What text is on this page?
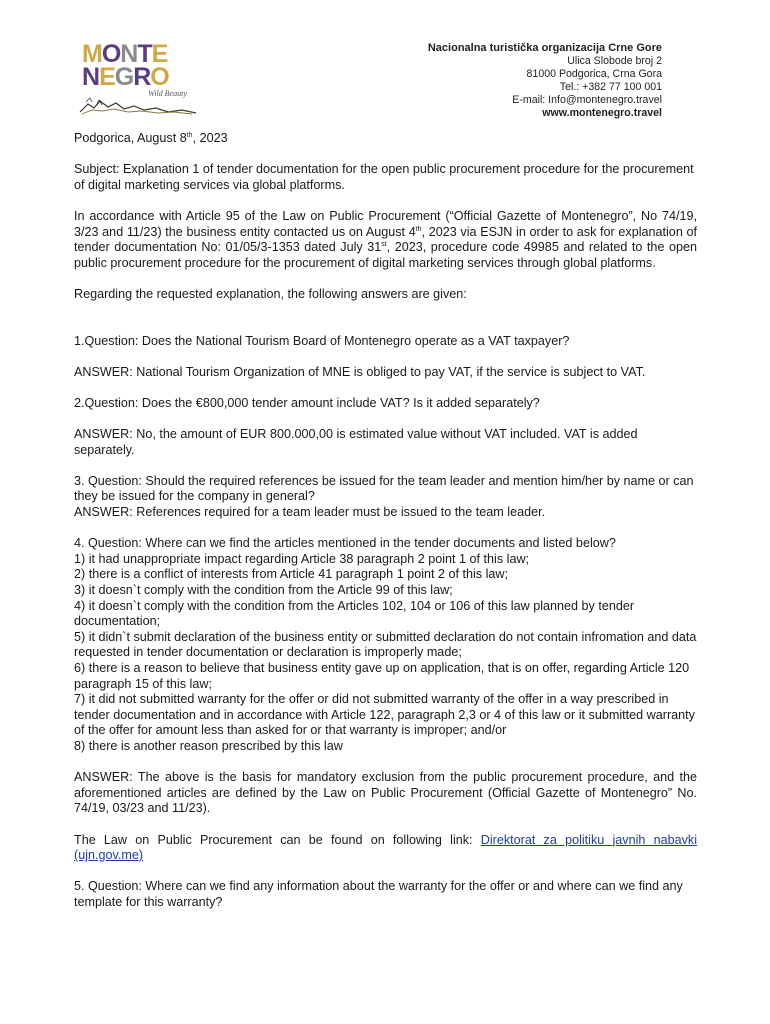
MONTE
NEGRO
Wild Beauty
Nacionalna turistička organizacija Crne Gore
Ulica Slobode broj 2
81000 Podgorica, Crna Gora
Tel.: +382 77 100 001
E-mail: Info@montenegro.travel
www.montenegro.travel

Podgorica, August 8th, 2023

Subject: Explanation 1 of tender documentation for the open public procurement procedure for the procurement of digital marketing services via global platforms.

In accordance with Article 95 of the Law on Public Procurement (“Official Gazette of Montenegro”, No 74/19, 3/23 and 11/23) the business entity contacted us on August 4th, 2023 via ESJN in order to ask for explanation of tender documentation No: 01/05/3-1353 dated July 31st, 2023, procedure code 49985 and related to the open public procurement procedure for the procurement of digital marketing services through global platforms.

Regarding the requested explanation, the following answers are given:

1.Question: Does the National Tourism Board of Montenegro operate as a VAT taxpayer?

ANSWER: National Tourism Organization of MNE is obliged to pay VAT, if the service is subject to VAT.

2.Question: Does the €800,000 tender amount include VAT? Is it added separately?

ANSWER: No, the amount of EUR 800.000,00 is estimated value without VAT included. VAT is added separately.

3. Question: Should the required references be issued for the team leader and mention him/her by name or can they be issued for the company in general?

ANSWER: References required for a team leader must be issued to the team leader.

4. Question: Where can we find the articles mentioned in the tender documents and listed below?
1) it had unappropriate impact regarding Article 38 paragraph 2 point 1 of this law;
2) there is a conflict of interests from Article 41 paragraph 1 point 2 of this law;
3) it doesn`t comply with the condition from the Article 99 of this law;
4) it doesn`t comply with the condition from the Articles 102, 104 or 106 of this law planned by tender documentation;
5) it didn`t submit declaration of the business entity or submitted declaration do not contain infromation and data requested in tender documentation or declaration is improperly made;
6) there is a reason to believe that business entity gave up on application, that is on offer, regarding Article 120 paragraph 15 of this law;
7) it did not submitted warranty for the offer or did not submitted warranty of the offer in a way prescribed in tender documentation and in accordance with Article 122, paragraph 2,3 or 4 of this law or it submitted warranty of the offer for amount less than asked for or that warranty is improper; and/or
8) there is another reason prescribed by this law

ANSWER: The above is the basis for mandatory exclusion from the public procurement procedure, and the aforementioned articles are defined by the Law on Public Procurement (Official Gazette of Montenegro” No. 74/19, 03/23 and 11/23).

The Law on Public Procurement can be found on following link: Direktorat za politiku javnih nabavki (ujn.gov.me)

5. Question: Where can we find any information about the warranty for the offer or and where can we find any template for this warranty?
